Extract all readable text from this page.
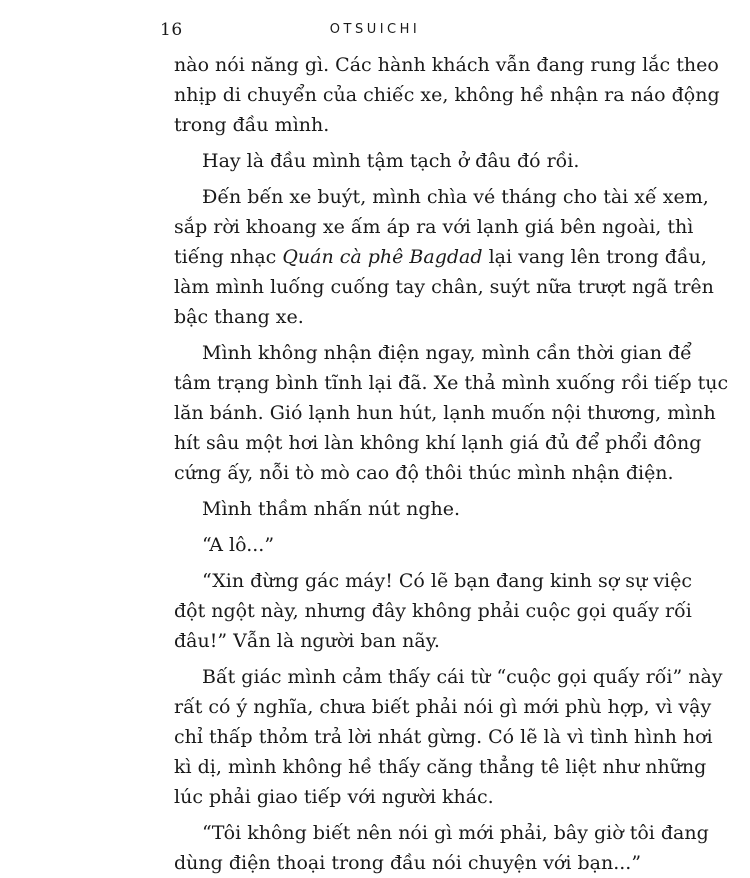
16	OTSUICHI
nào nói năng gì. Các hành khách vẫn đang rung lắc theo
nhịp di chuyển của chiếc xe, không hề nhận ra náo động
trong đầu mình.
Hay là đầu mình tậm tạch ở đâu đó rồi.
Đến bến xe buýt, mình chìa vé tháng cho tài xế xem,
sắp rời khoang xe ấm áp ra với lạnh giá bên ngoài, thì
tiếng nhạc Quán cà phê Bagdad lại vang lên trong đầu,
làm mình luống cuống tay chân, suýt nữa trượt ngã trên
bậc thang xe.
Mình không nhận điện ngay, mình cần thời gian để
tâm trạng bình tĩnh lại đã. Xe thả mình xuống rồi tiếp tục
lăn bánh. Gió lạnh hun hút, lạnh muốn nội thương, mình
hít sâu một hơi làn không khí lạnh giá đủ để phổi đông
cứng ấy, nỗi tò mò cao độ thôi thúc mình nhận điện.
Mình thầm nhấn nút nghe.
“A lô...”
“Xin đừng gác máy! Có lẽ bạn đang kinh sợ sự việc
đột ngột này, nhưng đây không phải cuộc gọi quấy rối
đâu!” Vẫn là người ban nãy.
Bất giác mình cảm thấy cái từ “cuộc gọi quấy rối” này
rất có ý nghĩa, chưa biết phải nói gì mới phù hợp, vì vậy
chỉ thấp thỏm trả lời nhát gừng. Có lẽ là vì tình hình hơi
kì dị, mình không hề thấy căng thẳng tê liệt như những
lúc phải giao tiếp với người khác.
“Tôi không biết nên nói gì mới phải, bây giờ tôi đang
dùng điện thoại trong đầu nói chuyện với bạn...”
